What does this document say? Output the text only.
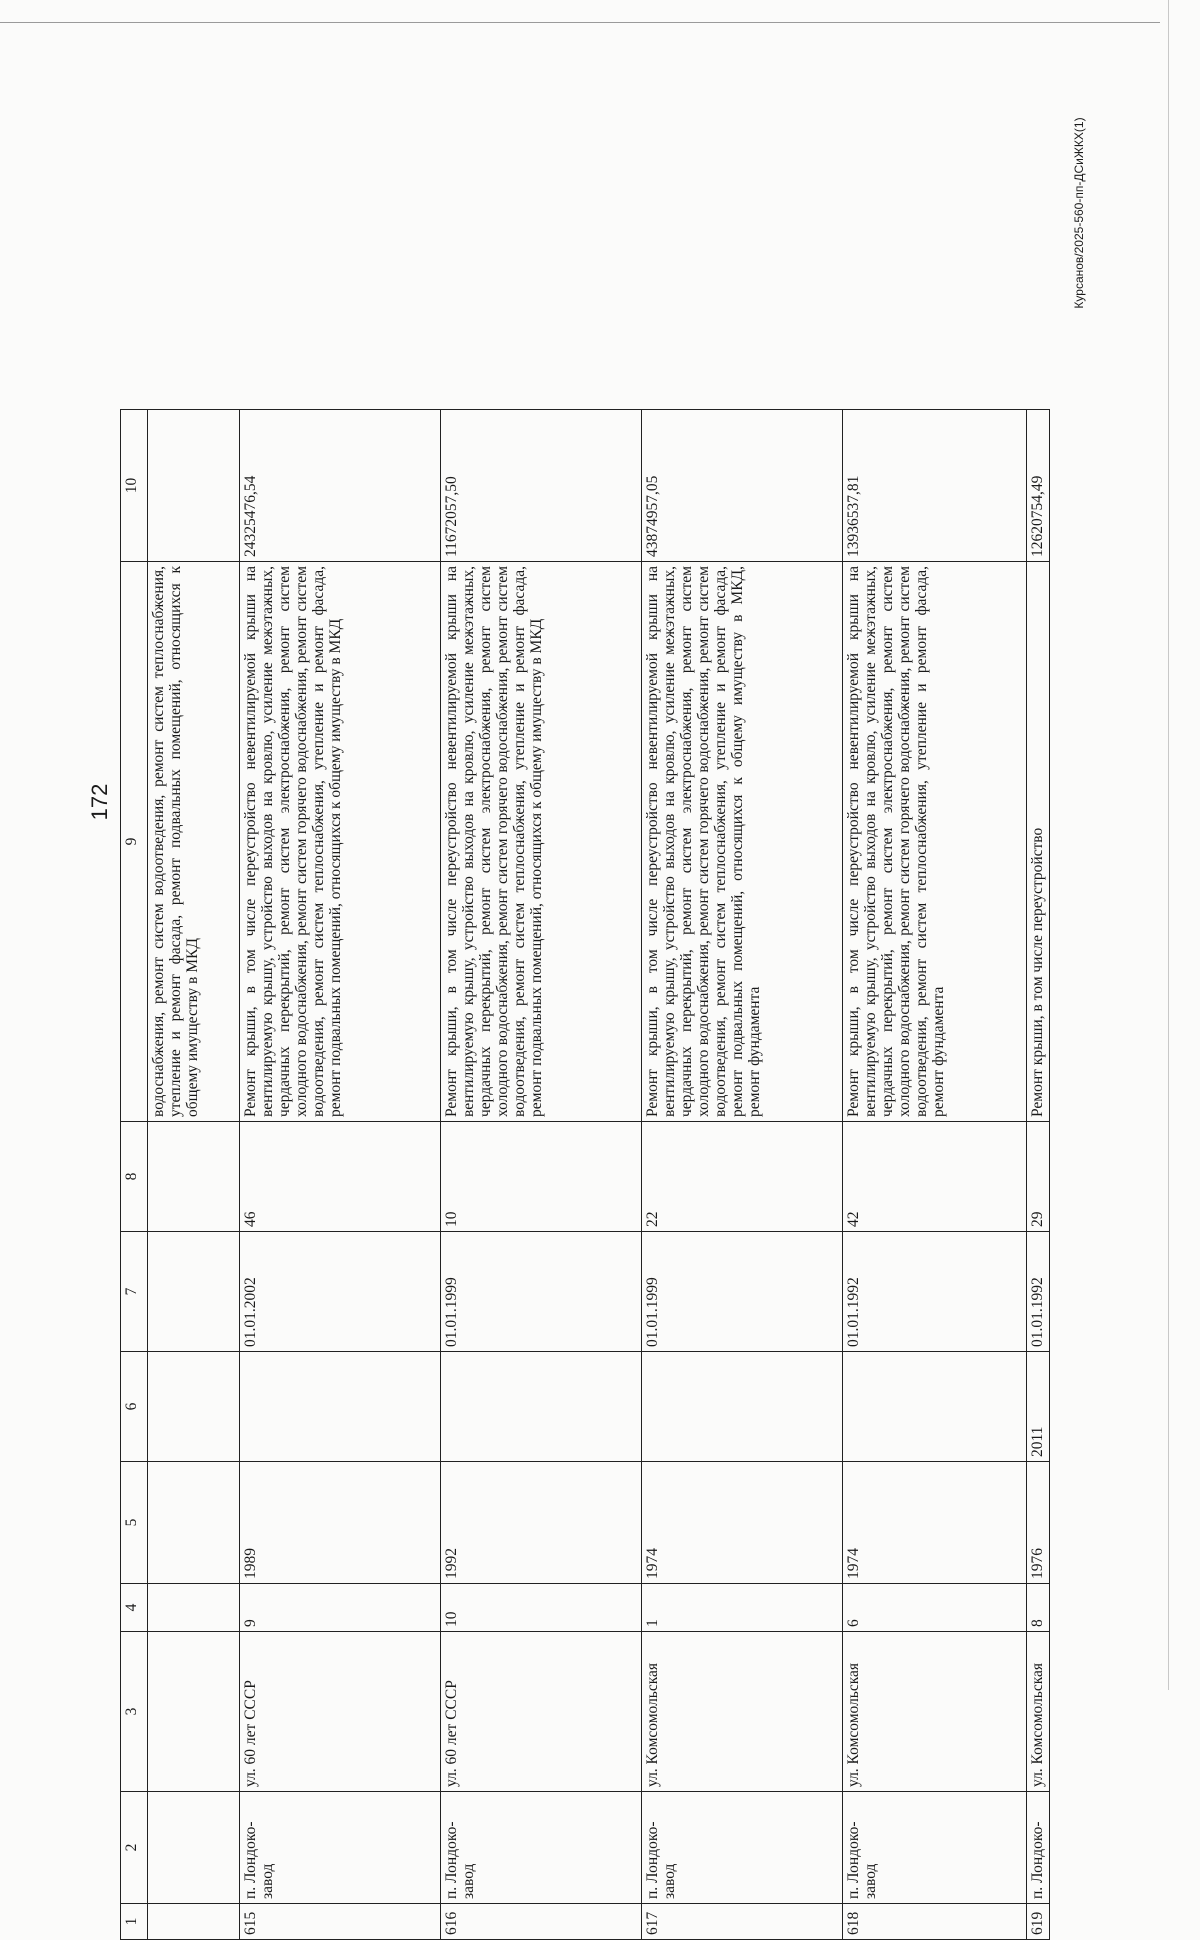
172
Курсанов/2025-560-пп-ДСиЖКХ(1)
1	2	3	4	5	6	7	8	9	10
								водоснабжения, ремонт систем водоотведения, ремонт систем теплоснабжения, утепление и ремонт фасада, ремонт подвальных помещений, относящихся к общему имуществу в МКД	
615	п. Лондоко-завод	ул. 60 лет СССР	9	1989		01.01.2002	46	Ремонт крыши, в том числе переустройство невентилируемой крыши на вентилируемую крышу, устройство выходов на кровлю, усиление межэтажных, чердачных перекрытий, ремонт систем электроснабжения, ремонт систем холодного водоснабжения, ремонт систем горячего водоснабжения, ремонт систем водоотведения, ремонт систем теплоснабжения, утепление и ремонт фасада, ремонт подвальных помещений, относящихся к общему имуществу в МКД	24325476,54
616	п. Лондоко-завод	ул. 60 лет СССР	10	1992		01.01.1999	10	Ремонт крыши, в том числе переустройство невентилируемой крыши на вентилируемую крышу, устройство выходов на кровлю, усиление межэтажных, чердачных перекрытий, ремонт систем электроснабжения, ремонт систем холодного водоснабжения, ремонт систем горячего водоснабжения, ремонт систем водоотведения, ремонт систем теплоснабжения, утепление и ремонт фасада, ремонт подвальных помещений, относящихся к общему имуществу в МКД	11672057,50
617	п. Лондоко-завод	ул. Комсомольская	1	1974		01.01.1999	22	Ремонт крыши, в том числе переустройство невентилируемой крыши на вентилируемую крышу, устройство выходов на кровлю, усиление межэтажных, чердачных перекрытий, ремонт систем электроснабжения, ремонт систем холодного водоснабжения, ремонт систем горячего водоснабжения, ремонт систем водоотведения, ремонт систем теплоснабжения, утепление и ремонт фасада, ремонт подвальных помещений, относящихся к общему имуществу в МКД, ремонт фундамента	43874957,05
618	п. Лондоко-завод	ул. Комсомольская	6	1974		01.01.1992	42	Ремонт крыши, в том числе переустройство невентилируемой крыши на вентилируемую крышу, устройство выходов на кровлю, усиление межэтажных, чердачных перекрытий, ремонт систем электроснабжения, ремонт систем холодного водоснабжения, ремонт систем горячего водоснабжения, ремонт систем водоотведения, ремонт систем теплоснабжения, утепление и ремонт фасада, ремонт фундамента	13936537,81
619	п. Лондоко-	ул. Комсомольская	8	1976	2011	01.01.1992	29	Ремонт крыши, в том числе переустройство	12620754,49
